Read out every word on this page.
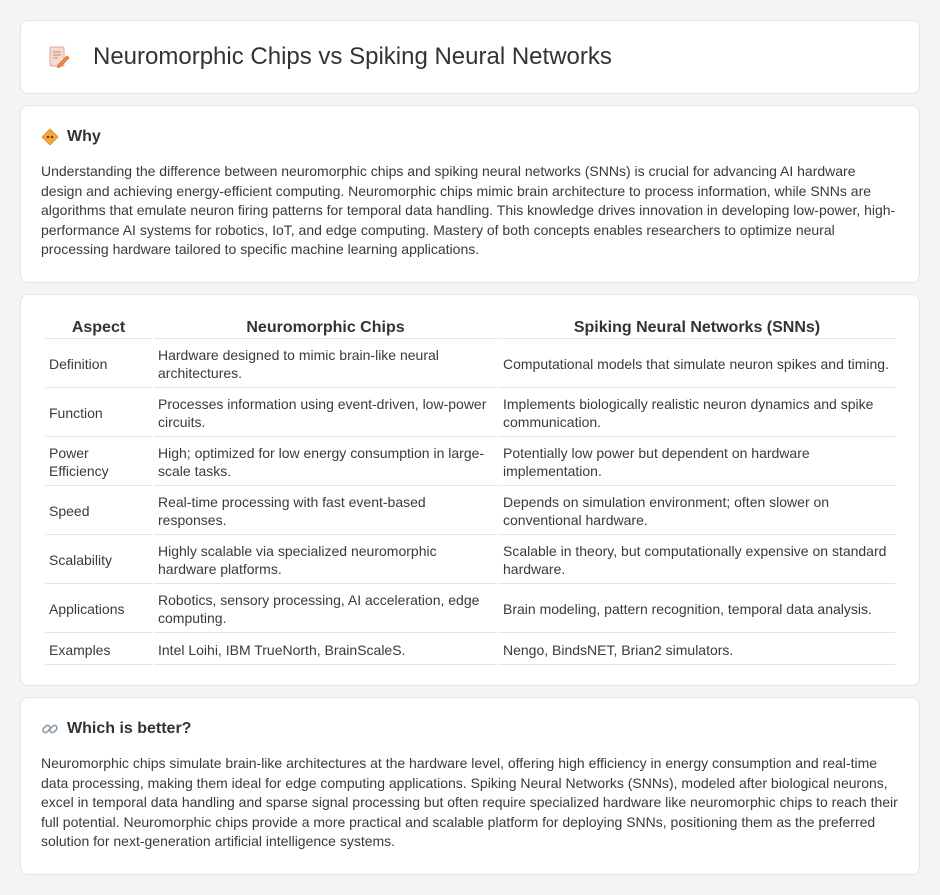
Neuromorphic Chips vs Spiking Neural Networks
Why

Understanding the difference between neuromorphic chips and spiking neural networks (SNNs) is crucial for advancing AI hardware design and achieving energy-efficient computing. Neuromorphic chips mimic brain architecture to process information, while SNNs are algorithms that emulate neuron firing patterns for temporal data handling. This knowledge drives innovation in developing low-power, high-performance AI systems for robotics, IoT, and edge computing. Mastery of both concepts enables researchers to optimize neural processing hardware tailored to specific machine learning applications.

Aspect	Neuromorphic Chips	Spiking Neural Networks (SNNs)
Definition	Hardware designed to mimic brain-like neural architectures.	Computational models that simulate neuron spikes and timing.
Function	Processes information using event-driven, low-power circuits.	Implements biologically realistic neuron dynamics and spike communication.
Power Efficiency	High; optimized for low energy consumption in large-scale tasks.	Potentially low power but dependent on hardware implementation.
Speed	Real-time processing with fast event-based responses.	Depends on simulation environment; often slower on conventional hardware.
Scalability	Highly scalable via specialized neuromorphic hardware platforms.	Scalable in theory, but computationally expensive on standard hardware.
Applications	Robotics, sensory processing, AI acceleration, edge computing.	Brain modeling, pattern recognition, temporal data analysis.
Examples	Intel Loihi, IBM TrueNorth, BrainScaleS.	Nengo, BindsNET, Brian2 simulators.
Which is better?

Neuromorphic chips simulate brain-like architectures at the hardware level, offering high efficiency in energy consumption and real-time data processing, making them ideal for edge computing applications. Spiking Neural Networks (SNNs), modeled after biological neurons, excel in temporal data handling and sparse signal processing but often require specialized hardware like neuromorphic chips to reach their full potential. Neuromorphic chips provide a more practical and scalable platform for deploying SNNs, positioning them as the preferred solution for next-generation artificial intelligence systems.
